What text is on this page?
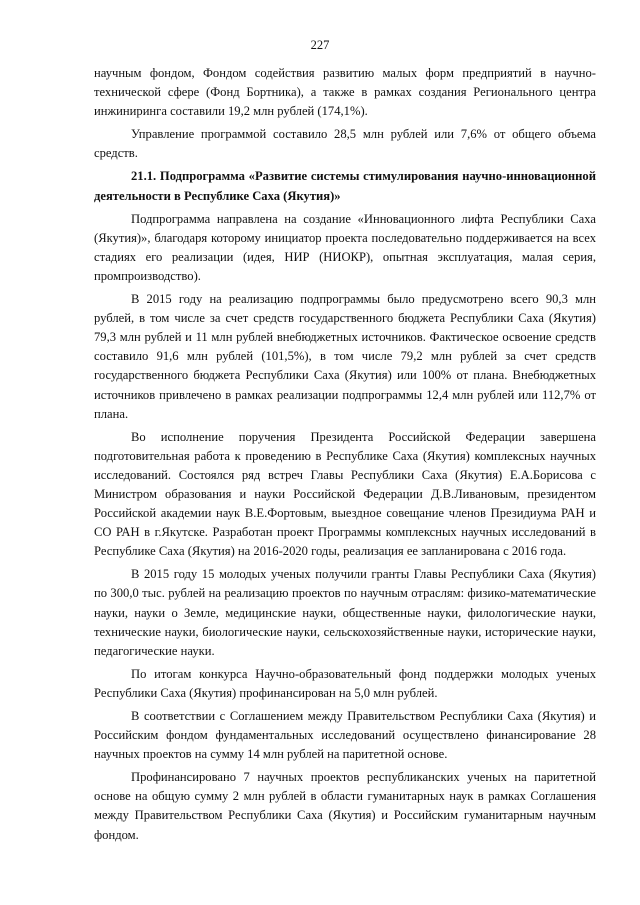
227

научным фондом, Фондом содействия развитию малых форм предприятий в научно-технической сфере (Фонд Бортника), а также в рамках создания Регионального центра инжиниринга составили 19,2 млн рублей (174,1%).

Управление программой составило 28,5 млн рублей или 7,6% от общего объема средств.

21.1. Подпрограмма «Развитие системы стимулирования научно-инновационной деятельности в Республике Саха (Якутия)»

Подпрограмма направлена на создание «Инновационного лифта Республики Саха (Якутия)», благодаря которому инициатор проекта последовательно поддерживается на всех стадиях его реализации (идея, НИР (НИОКР), опытная эксплуатация, малая серия, промпроизводство).

В 2015 году на реализацию подпрограммы было предусмотрено всего 90,3 млн рублей, в том числе за счет средств государственного бюджета Республики Саха (Якутия) 79,3 млн рублей и 11 млн рублей внебюджетных источников. Фактическое освоение средств составило 91,6 млн рублей (101,5%), в том числе 79,2 млн рублей за счет средств государственного бюджета Республики Саха (Якутия) или 100% от плана. Внебюджетных источников привлечено в рамках реализации подпрограммы 12,4 млн рублей или 112,7% от плана.

Во исполнение поручения Президента Российской Федерации завершена подготовительная работа к проведению в Республике Саха (Якутия) комплексных научных исследований. Состоялся ряд встреч Главы Республики Саха (Якутия) Е.А.Борисова с Министром образования и науки Российской Федерации Д.В.Ливановым, президентом Российской академии наук В.Е.Фортовым, выездное совещание членов Президиума РАН и СО РАН в г.Якутске. Разработан проект Программы комплексных научных исследований в Республике Саха (Якутия) на 2016-2020 годы, реализация ее запланирована с 2016 года.

В 2015 году 15 молодых ученых получили гранты Главы Республики Саха (Якутия) по 300,0 тыс. рублей на реализацию проектов по научным отраслям: физико-математические науки, науки о Земле, медицинские науки, общественные науки, филологические науки, технические науки, биологические науки, сельскохозяйственные науки, исторические науки, педагогические науки.

По итогам конкурса Научно-образовательный фонд поддержки молодых ученых Республики Саха (Якутия) профинансирован на 5,0 млн рублей.

В соответствии с Соглашением между Правительством Республики Саха (Якутия) и Российским фондом фундаментальных исследований осуществлено финансирование 28 научных проектов на сумму 14 млн рублей на паритетной основе.

Профинансировано 7 научных проектов республиканских ученых на паритетной основе на общую сумму 2 млн рублей в области гуманитарных наук в рамках Соглашения между Правительством Республики Саха (Якутия) и Российским гуманитарным научным фондом.
